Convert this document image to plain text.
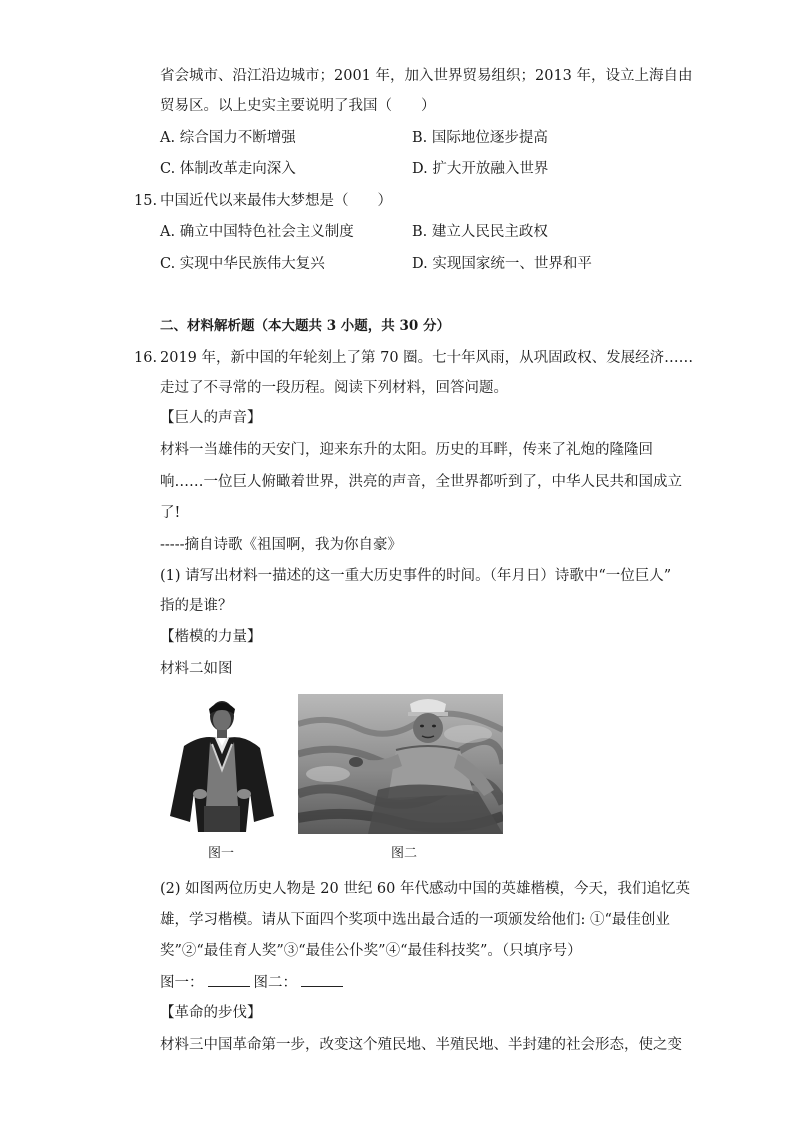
省会城市、沿江沿边城市；2001 年，加入世界贸易组织；2013 年，设立上海自由
贸易区。以上史实主要说明了我国（　　）
A. 综合国力不断增强	B. 国际地位逐步提高
C. 体制改革走向深入	D. 扩大开放融入世界
15. 中国近代以来最伟大梦想是（　　）
A. 确立中国特色社会主义制度	B. 建立人民民主政权
C. 实现中华民族伟大复兴	D. 实现国家统一、世界和平
二、材料解析题（本大题共 3 小题，共 30 分）
16. 2019 年，新中国的年轮刻上了第 70 圈。七十年风雨，从巩固政权、发展经济……
走过了不寻常的一段历程。阅读下列材料，回答问题。
【巨人的声音】
材料一当雄伟的天安门，迎来东升的太阳。历史的耳畔，传来了礼炮的隆隆回
响……一位巨人俯瞰着世界，洪亮的声音，全世界都听到了，中华人民共和国成立
了!
-----摘自诗歌《祖国啊，我为你自豪》
(1) 请写出材料一描述的这一重大历史事件的时间。（年月日）诗歌中“一位巨人”
指的是谁？
【楷模的力量】
材料二如图
图一	图二
(2) 如图两位历史人物是 20 世纪 60 年代感动中国的英雄楷模，今天，我们追忆英
雄，学习楷模。请从下面四个奖项中选出最合适的一项颁发给他们: ①“最佳创业
奖”②“最佳育人奖”③“最佳公仆奖”④“最佳科技奖”。（只填序号）
图一：	图二：
【革命的步伐】
材料三中国革命第一步，改变这个殖民地、半殖民地、半封建的社会形态，使之变
